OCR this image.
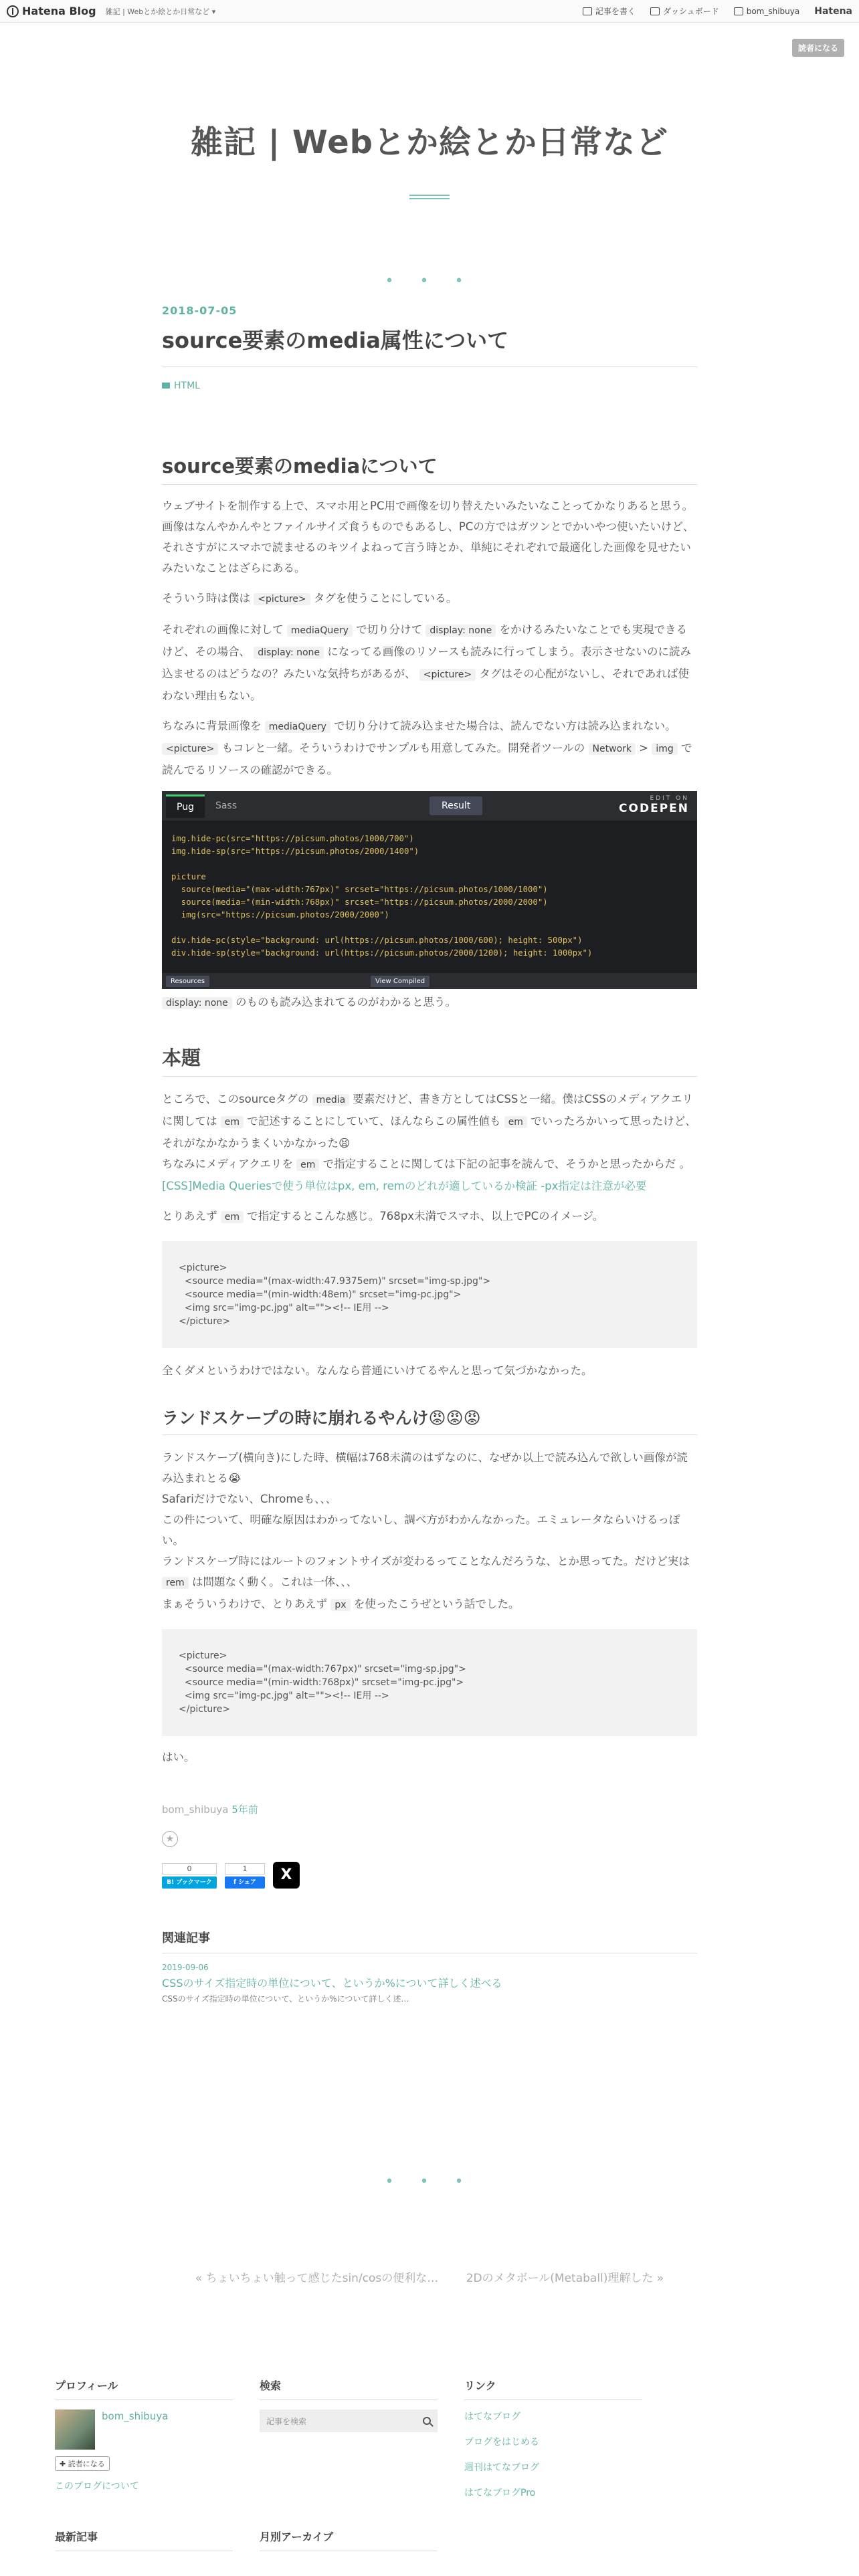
Hatena Blog 雑記 | Webとか絵とか日常など ▾	記事を書く	ダッシュボード	bom_shibuya Hatena
読者になる
雑記 | Webとか絵とか日常など
• • •
2018-07-05
source要素のmedia属性について
HTML
source要素のmediaについて

ウェブサイトを制作する上で、スマホ用とPC用で画像を切り替えたいみたいなことってかなりあると思う。画像はなんやかんやとファイルサイズ食うものでもあるし、PCの方ではガツンとでかいやつ使いたいけど、それさすがにスマホで読ませるのキツイよねって言う時とか、単純にそれぞれで最適化した画像を見せたいみたいなことはざらにある。

そういう時は僕は <picture> タグを使うことにしている。

それぞれの画像に対して mediaQuery で切り分けて display: none をかけるみたいなことでも実現できるけど、その場合、 display: none になってる画像のリソースも読みに行ってしまう。表示させないのに読み込ませるのはどうなの？みたいな気持ちがあるが、 <picture> タグはその心配がないし、それであれば使わない理由もない。

ちなみに背景画像を mediaQuery で切り分けて読み込ませた場合は、読んでない方は読み込まれない。 <picture> もコレと一緒。そういうわけでサンプルも用意してみた。開発者ツールの Network > img で読んでるリソースの確認ができる。

Pug	Sass	Result
EDIT ON
CODEPEN
img.hide-pc(src="https://picsum.photos/1000/700")
img.hide-sp(src="https://picsum.photos/2000/1400")

picture
source(media="(max-width:767px)" srcset="https://picsum.photos/1000/1000")
source(media="(min-width:768px)" srcset="https://picsum.photos/2000/2000")
img(src="https://picsum.photos/2000/2000")

div.hide-pc(style="background: url(https://picsum.photos/1000/600); height: 500px")
div.hide-sp(style="background: url(https://picsum.photos/2000/1200); height: 1000px")
Resources	View Compiled

display: none のものも読み込まれてるのがわかると思う。

本題

ところで、このsourceタグの media 要素だけど、書き方としてはCSSと一緒。僕はCSSのメディアクエリに関しては em で記述することにしていて、ほんならこの属性値も em でいったろかいって思ったけど、それがなかなかうまくいかなかった😫

ちなみにメディアクエリを em で指定することに関しては下記の記事を読んで、そうかと思ったからだ 。
[CSS]Media Queriesで使う単位はpx, em, remのどれが適しているか検証 -px指定は注意が必要

とりあえず em で指定するとこんな感じ。768px未満でスマホ、以上でPCのイメージ。

<picture>
<source media="(max-width:47.9375em)" srcset="img-sp.jpg">
<source media="(min-width:48em)" srcset="img-pc.jpg">
<img src="img-pc.jpg" alt=""><!-- IE用 -->
</picture>

全くダメというわけではない。なんなら普通にいけてるやんと思って気づかなかった。

ランドスケープの時に崩れるやんけ😡😡😡

ランドスケープ(横向き)にした時、横幅は768未満のはずなのに、なぜか以上で読み込んで欲しい画像が読み込まれとる😭

Safariだけでない、Chromeも、、、

この件について、明確な原因はわかってないし、調べ方がわかんなかった。エミュレータならいけるっぽい。

ランドスケープ時にはルートのフォントサイズが変わるってことなんだろうな、とか思ってた。だけど実は rem は問題なく動く。これは一体、、、

まぁそういうわけで、とりあえず px を使ったこうぜという話でした。

<picture>
<source media="(max-width:767px)" srcset="img-sp.jpg">
<source media="(min-width:768px)" srcset="img-pc.jpg">
<img src="img-pc.jpg" alt=""><!-- IE用 -->
</picture>

はい。

bom_shibuya 5年前
★
0
B! ブックマーク
1
f シェア	X
関連記事
2019-09-06
CSSのサイズ指定時の単位について、というか%について詳しく述べる
CSSのサイズ指定時の単位について、というか%について詳しく述…
• • •
« ちょいちょい触って感じたsin/cosの便利な… 2Dのメタボール(Metaball)理解した »
プロフィール
bom_shibuya
✚ 読者になる
このブログについて
検索
記事を検索
リンク
はてなブログ
ブログをはじめる
週刊はてなブログ
はてなブログPro
最新記事	月別アーカイブ
